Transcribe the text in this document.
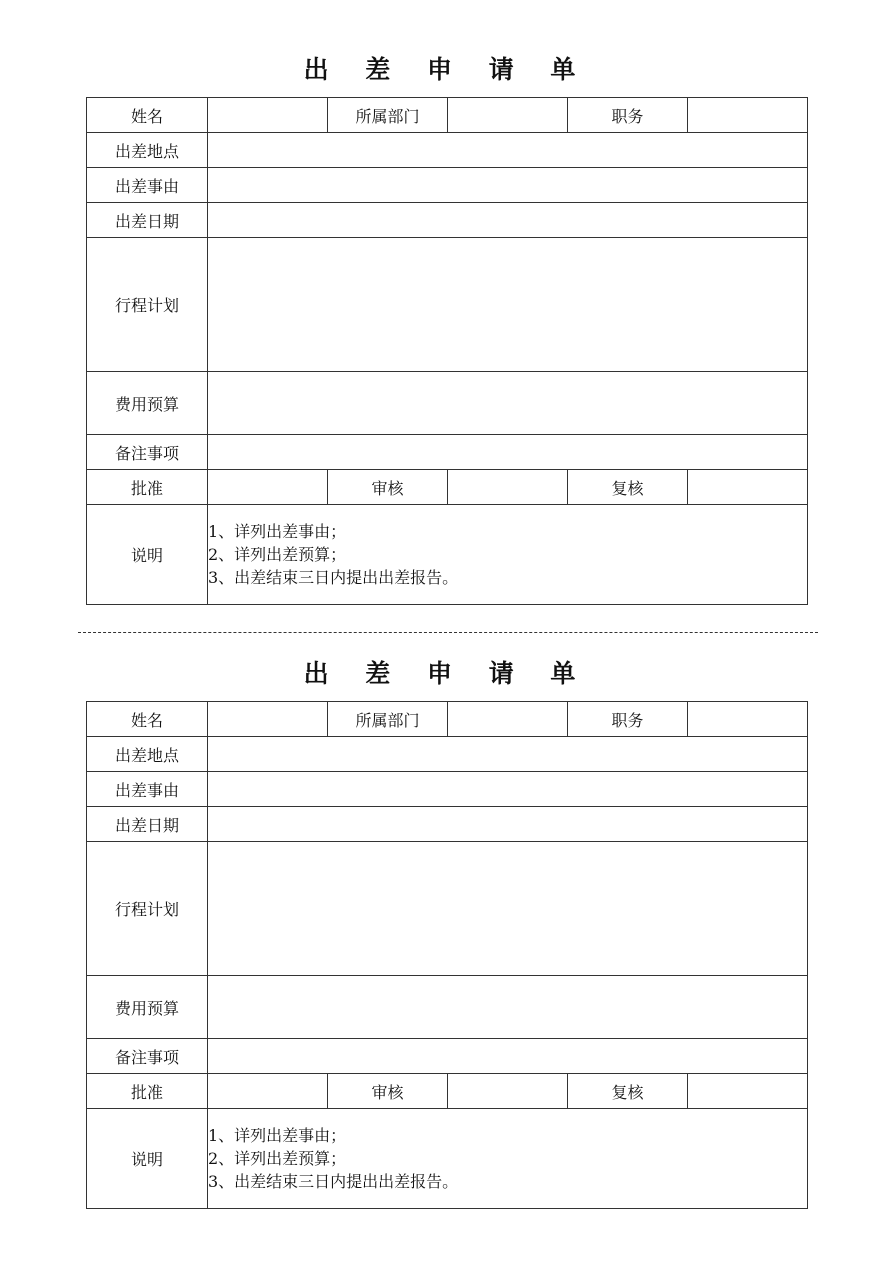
出 差 申 请 单
姓名		所属部门		职务	
出差地点					
出差事由					
出差日期					
行程计划					
费用预算					
备注事项					
批准		审核		复核	
说明	1、详列出差事由；
2、详列出差预算；
3、出差结束三日内提出出差报告。				
出 差 申 请 单
姓名		所属部门		职务	
出差地点					
出差事由					
出差日期					
行程计划					
费用预算					
备注事项					
批准		审核		复核	
说明	1、详列出差事由；
2、详列出差预算；
3、出差结束三日内提出出差报告。				
